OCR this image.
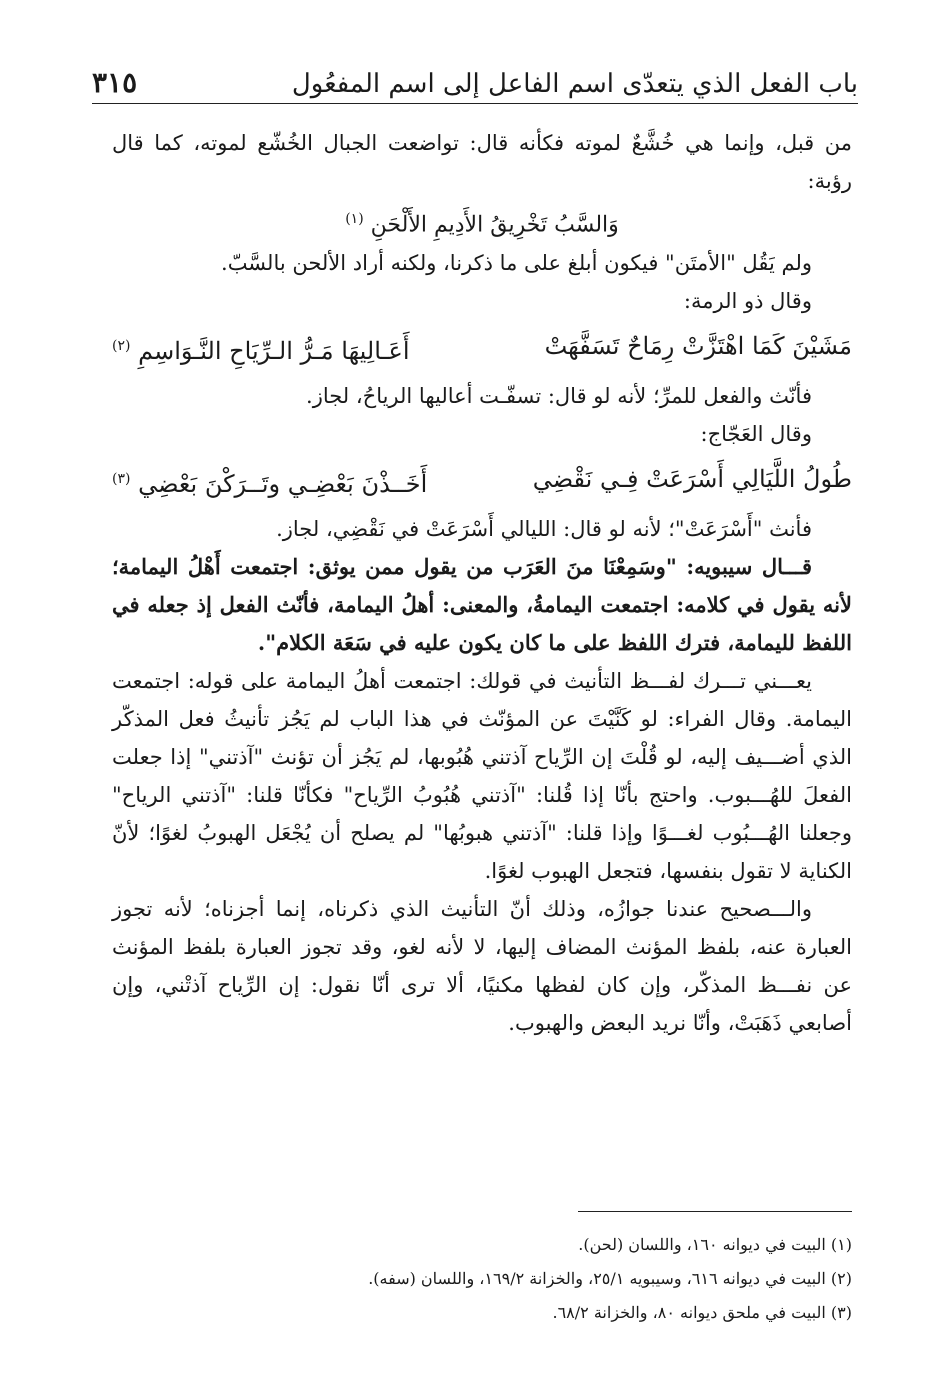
باب الفعل الذي يتعدّى اسم الفاعل إلى اسم المفعُول
٣١٥

من قبل، وإنما هي خُشَّعٌ لموته فكأنه قال: تواضعت الجبال الخُشّع لموته، كما قال رؤبة:

وَالسَّبُ تَخْرِيقُ الأَدِيمِ الأَلْحَنِ $^{(١)}$

ولم يَقُل "الأمتَن" فيكون أبلغ على ما ذكرنا، ولكنه أراد الألحن بالسَّبّ.

وقال ذو الرمة:

مَشَيْنَ كَمَا اهْتَزَّتْ رِمَاحٌ تَسَفَّهَتْ
أَعَـالِيهَا مَـرُّ الـرِّيَاحِ النَّـوَاسِمِ $^{(٢)}$

فأنّث والفعل للمرِّ؛ لأنه لو قال: تسفّـت أعاليها الرياحُ، لجاز.

وقال العَجّاج:

طُولُ اللَّيَالِي أَسْرَعَتْ فِـي نَقْضِي
أَخَــذْنَ بَعْضِـي وتَــرَكْنَ بَعْضِي $^{(٣)}$

فأنث "أَسْرَعَتْ"؛ لأنه لو قال: الليالي أَسْرَعَتْ في نَقْضِي، لجاز.

قـــال سيبويه: "وسَمِعْنَا منَ العَرَب من يقول ممن يوثق: اجتمعت أَهْلُ اليمامة؛ لأنه يقول في كلامه: اجتمعت اليمامةُ، والمعنى: أهلُ اليمامة، فأنّث الفعل إذ جعله في اللفظ لليمامة، فترك اللفظ على ما كان يكون عليه في سَعَة الكلام".

يعـــني تـــرك لفـــظ التأنيث في قولك: اجتمعت أهلُ اليمامة على قوله: اجتمعت اليمامة. وقال الفراء: لو كَنَّيْتَ عن المؤنّث في هذا الباب لم يَجُز تأنيثُ فعل المذكّر الذي أضـــيف إليه، لو قُلْتَ إن الرِّياح آذتني هُبُوبها، لم يَجُز أن تؤنث "آذتني" إذا جعلت الفعلَ للهُـــبوب. واحتج بأنّا إذا قُلنا: "آذتني هُبُوبُ الرِّياح" فكأنّا قلنا: "آذتني الرياح" وجعلنا الهُـــبُوب لغـــوًا وإذا قلنا: "آذتني هبوبُها" لم يصلح أن يُجْعَل الهبوبُ لغوًا؛ لأنّ الكناية لا تقول بنفسها، فتجعل الهبوب لغوًا.

والـــصحيح عندنا جوازُه، وذلك أنّ التأنيث الذي ذكرناه، إنما أجزناه؛ لأنه تجوز العبارة عنه، بلفظ المؤنث المضاف إليها، لا لأنه لغو، وقد تجوز العبارة بلفظ المؤنث عن نفـــظ المذكّر، وإن كان لفظها مكنيًا، ألا ترى أنّا نقول: إن الرِّياح آذتْني، وإن أصابعي ذَهَبَتْ، وأنّا نريد البعض والهبوب.

(١) البيت في ديوانه ١٦٠، واللسان (لحن).

(٢) البيت في ديوانه ٦١٦، وسيبويه ٢٥/١، والخزانة ١٦٩/٢، واللسان (سفه).

(٣) البيت في ملحق ديوانه ٨٠، والخزانة ٦٨/٢.
